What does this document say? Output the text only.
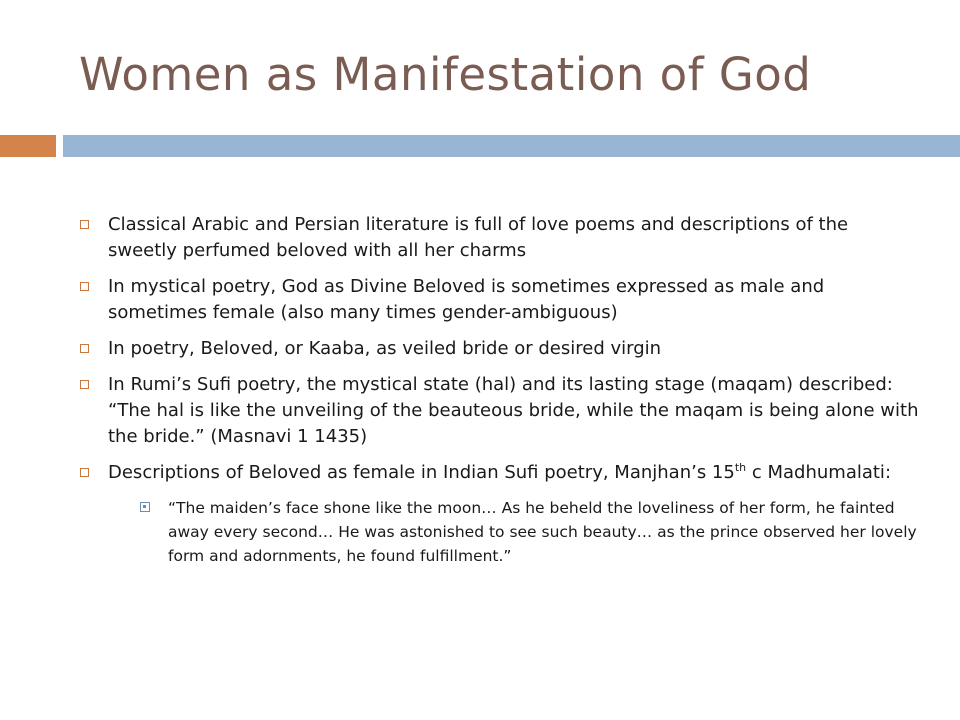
Women as Manifestation of God
Classical Arabic and Persian literature is full of love poems and descriptions of the sweetly perfumed beloved with all her charms
In mystical poetry, God as Divine Beloved is sometimes expressed as male and sometimes female (also many times gender-ambiguous)
In poetry, Beloved, or Kaaba, as veiled bride or desired virgin
In Rumi’s Sufi poetry, the mystical state (hal) and its lasting stage (maqam) described: “The hal is like the unveiling of the beauteous bride, while the maqam is being alone with the bride.” (Masnavi 1 1435)
Descriptions of Beloved as female in Indian Sufi poetry, Manjhan’s 15th c Madhumalati:
“The maiden’s face shone like the moon… As he beheld the loveliness of her form, he fainted away every second… He was astonished to see such beauty… as the prince observed her lovely form and adornments, he found fulfillment.”
